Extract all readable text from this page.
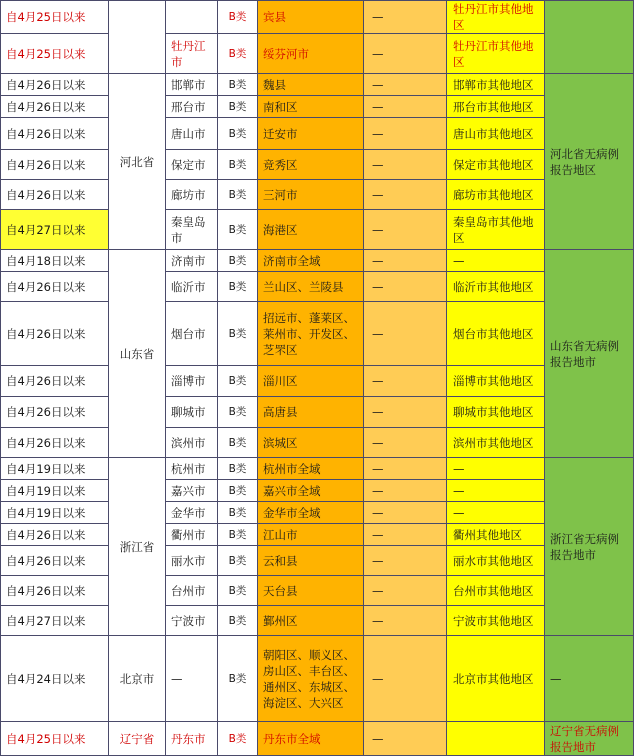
自4月25日以来			B类	宾县	—	牡丹江市其他地区	
自4月25日以来		牡丹江市	B类	绥芬河市	—	牡丹江市其他地区	
自4月26日以来	河北省	邯郸市	B类	魏县	—	邯郸市其他地区	河北省无病例报告地区
自4月26日以来		邢台市	B类	南和区	—	邢台市其他地区	
自4月26日以来		唐山市	B类	迁安市	—	唐山市其他地区	
自4月26日以来		保定市	B类	竞秀区	—	保定市其他地区	
自4月26日以来		廊坊市	B类	三河市	—	廊坊市其他地区	
自4月27日以来		秦皇岛市	B类	海港区	—	秦皇岛市其他地区	
自4月18日以来	山东省	济南市	B类	济南市全域	—	—	山东省无病例报告地市
自4月26日以来		临沂市	B类	兰山区、兰陵县	—	临沂市其他地区	
自4月26日以来		烟台市	B类	招远市、蓬莱区、莱州市、开发区、芝罘区	—	烟台市其他地区	
自4月26日以来		淄博市	B类	淄川区	—	淄博市其他地区	
自4月26日以来		聊城市	B类	高唐县	—	聊城市其他地区	
自4月26日以来		滨州市	B类	滨城区	—	滨州市其他地区	
自4月19日以来	浙江省	杭州市	B类	杭州市全域	—	—	浙江省无病例报告地市
自4月19日以来		嘉兴市	B类	嘉兴市全域	—	—	
自4月19日以来		金华市	B类	金华市全域	—	—	
自4月26日以来		衢州市	B类	江山市	—	衢州其他地区	
自4月26日以来		丽水市	B类	云和县	—	丽水市其他地区	
自4月26日以来		台州市	B类	天台县	—	台州市其他地区	
自4月27日以来		宁波市	B类	鄞州区	—	宁波市其他地区	
自4月24日以来	北京市	—	B类	朝阳区、顺义区、房山区、丰台区、通州区、东城区、海淀区、大兴区	—	北京市其他地区	—
自4月25日以来	辽宁省	丹东市	B类	丹东市全域	—		辽宁省无病例报告地市
